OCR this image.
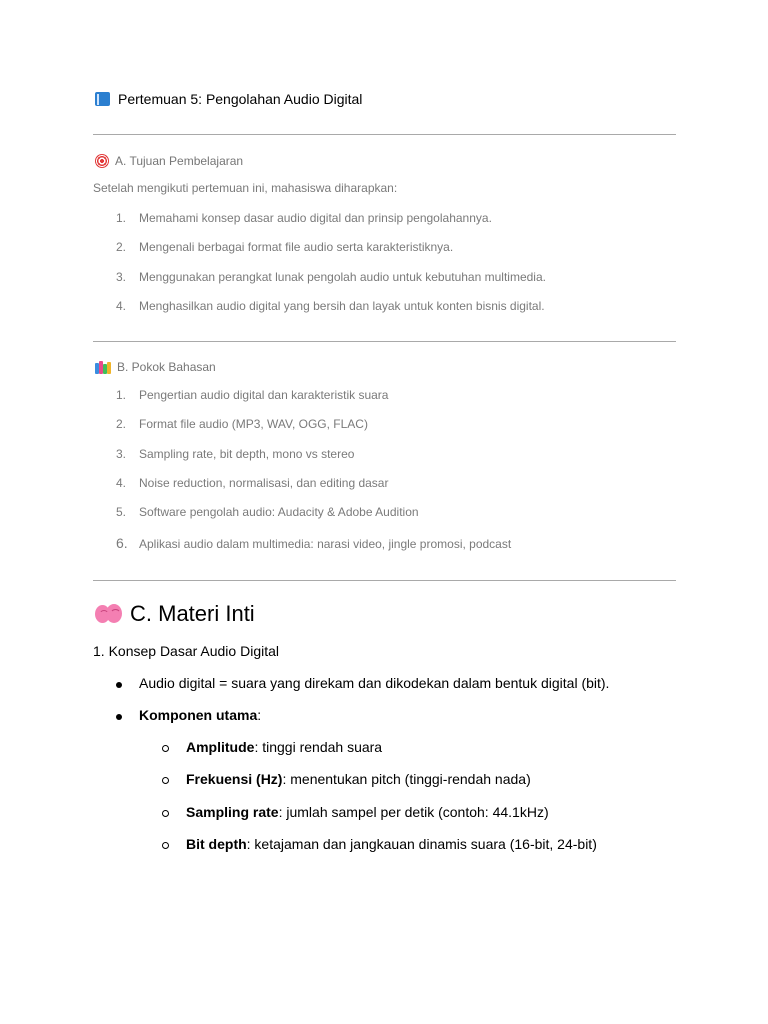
Pertemuan 5: Pengolahan Audio Digital
A. Tujuan Pembelajaran
Setelah mengikuti pertemuan ini, mahasiswa diharapkan:
1.	Memahami konsep dasar audio digital dan prinsip pengolahannya.
2.	Mengenali berbagai format file audio serta karakteristiknya.
3.	Menggunakan perangkat lunak pengolah audio untuk kebutuhan multimedia.
4.	Menghasilkan audio digital yang bersih dan layak untuk konten bisnis digital.
B. Pokok Bahasan
1.	Pengertian audio digital dan karakteristik suara
2.	Format file audio (MP3, WAV, OGG, FLAC)
3.	Sampling rate, bit depth, mono vs stereo
4.	Noise reduction, normalisasi, dan editing dasar
5.	Software pengolah audio: Audacity & Adobe Audition
6. Aplikasi audio dalam multimedia: narasi video, jingle promosi, podcast
C. Materi Inti
1. Konsep Dasar Audio Digital
Audio digital = suara yang direkam dan dikodekan dalam bentuk digital (bit).
Komponen utama:
Amplitude: tinggi rendah suara
Frekuensi (Hz): menentukan pitch (tinggi-rendah nada)
Sampling rate: jumlah sampel per detik (contoh: 44.1kHz)
Bit depth: ketajaman dan jangkauan dinamis suara (16-bit, 24-bit)
